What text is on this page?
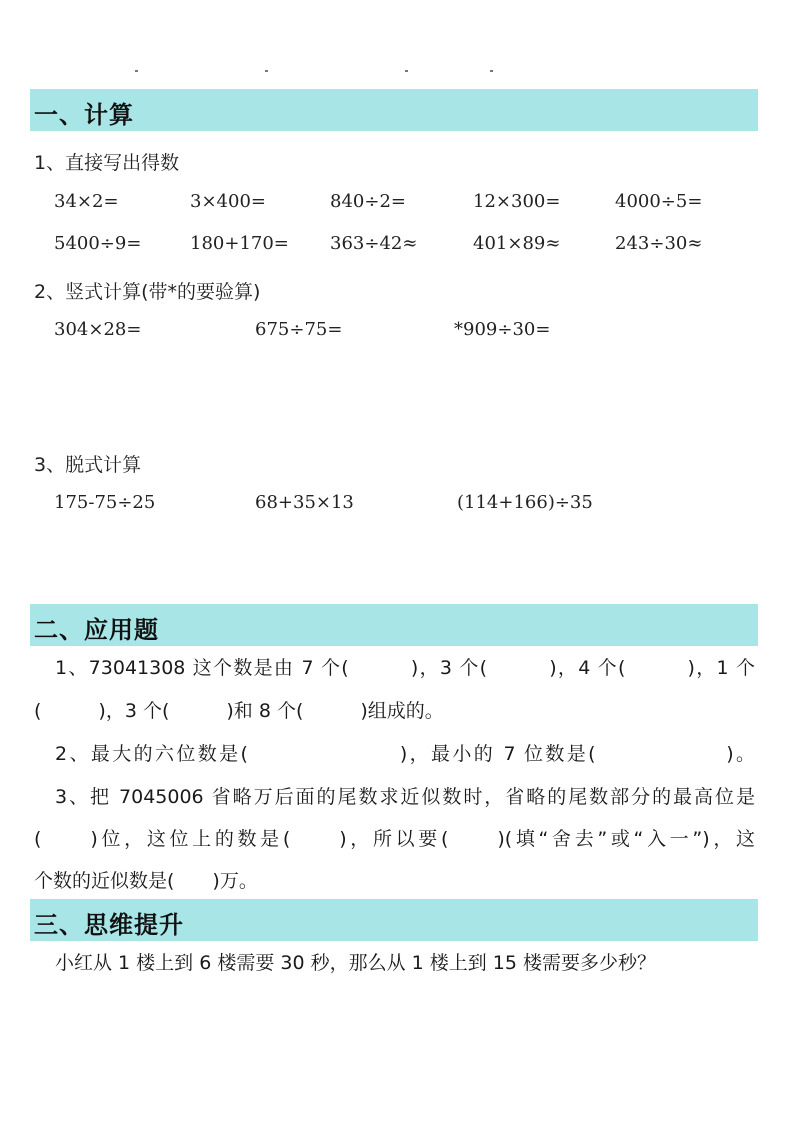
一、计算
1、直接写出得数
34×2=	3×400=	840÷2=	12×300=	4000÷5=
5400÷9=	180+170= 363÷42≈	401×89≈	243÷30≈
2、竖式计算(带*的要验算)
304×28=	675÷75=	*909÷30=
3、脱式计算
175-75÷25	68+35×13	(114+166)÷35
二、应用题
1、73041308 这个数是由 7 个(　　　)，3 个(　　　)，4 个(　　　)，1 个
(　　　)，3 个(　　　)和 8 个(　　　)组成的。
2、最大的六位数是(　　　　　　　)，最小的 7 位数是(　　　　　　)。
3、把 7045006 省略万后面的尾数求近似数时，省略的尾数部分的最高位是
(　　)位，这位上的数是(　　)，所以要(　　)(填“舍去”或“入一”)，这
个数的近似数是(　　)万。
三、思维提升
小红从 1 楼上到 6 楼需要 30 秒，那么从 1 楼上到 15 楼需要多少秒？
